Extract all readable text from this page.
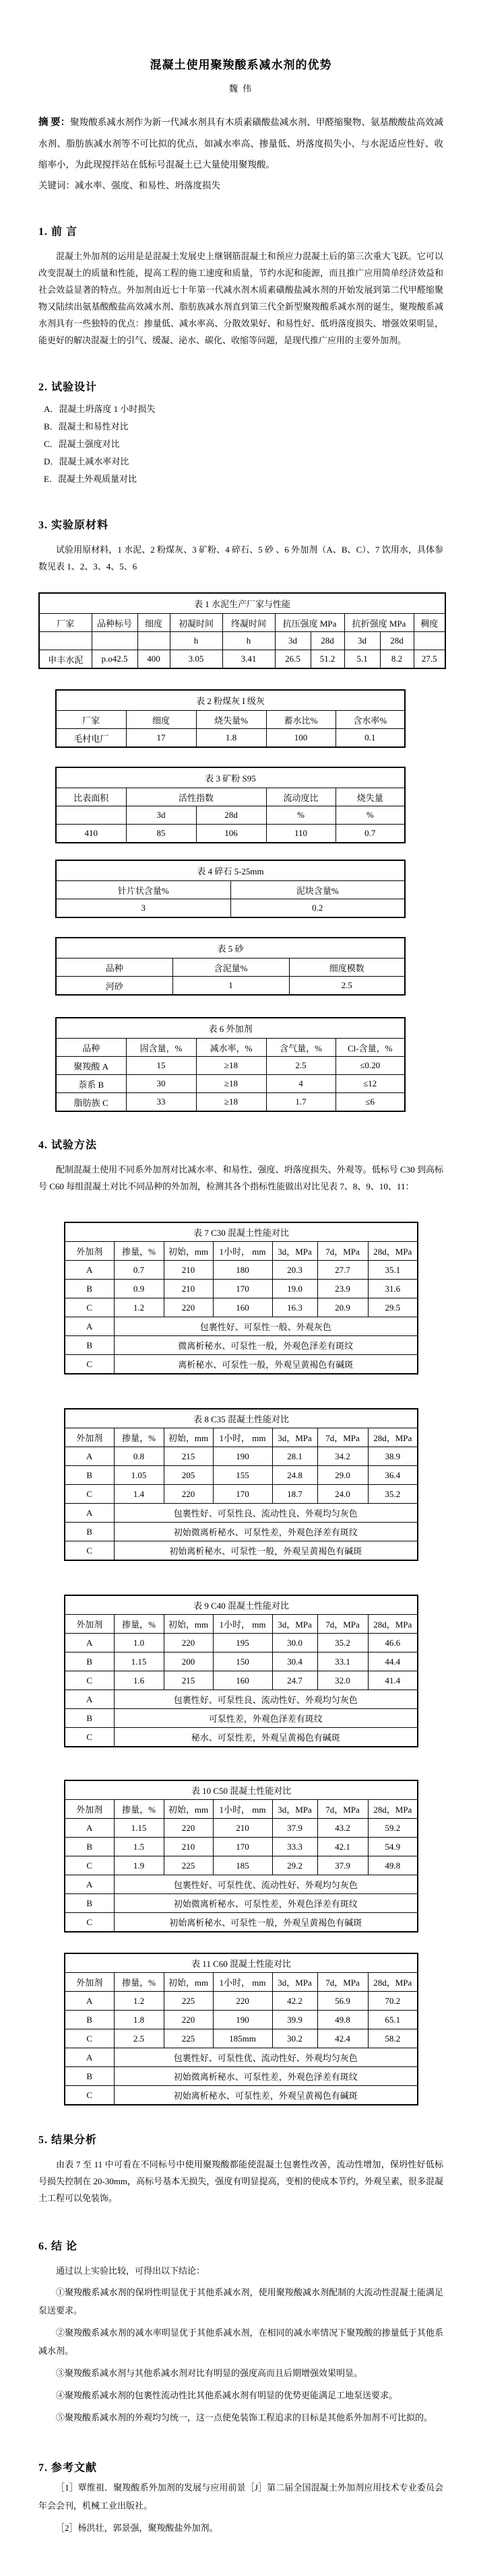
混凝土使用聚羧酸系减水剂的优势
魏 伟

摘 要：聚羧酸系减水剂作为新一代减水剂具有木质素磺酸盐减水剂、甲醛缩聚物、氨基酸酸盐高效减水剂、脂肪族减水剂等不可比拟的优点，如减水率高、掺量低、坍落度损失小、与水泥适应性好、收缩率小，为此现搅拌站在低标号混凝土已大量使用聚羧酸。

关键词：减水率、强度、和易性、坍落度损失

1. 前 言

混凝土外加剂的运用是是混凝土发展史上继钢筋混凝土和预应力混凝土后的第三次重大飞跃。它可以改变混凝土的质量和性能，提高工程的施工速度和质量，节约水泥和能源，而且推广应用简单经济效益和社会效益显著的特点。外加剂由近七十年第一代减水剂木质素磺酸盐减水剂的开始发展到第二代甲醛缩聚物又陆续出氨基酸酸盐高效减水剂、脂肪族减水剂直到第三代全新型聚羧酸系减水剂的诞生，聚羧酸系减水剂具有一些独特的优点：掺量低、减水率高、分散效果好、和易性好、低坍落度损失、增强效果明显，能更好的解决混凝土的引气、缓凝、泌水、碳化、收缩等问题，是现代推广应用的主要外加剂。

2. 试验设计
A．混凝土坍落度 1 小时损失
B．混凝土和易性对比
C．混凝土强度对比
D．混凝土减水率对比
E．混凝土外观质量对比
3. 实验原材料

试验用原材料，1 水泥、2 粉煤灰、3 矿粉、4 碎石、5 砂 、6 外加剂（A、B、C）、7 饮用水，具体参数见表 1、2、3、4、5、6

表 1 水泥生产厂家与性能									
厂家	品种标号	细度	初凝时间	终凝时间	抗压强度 MPa		抗折强度 MPa		稠度
			h	h	3d	28d	3d	28d	
申丰水泥	p.o42.5	400	3.05	3.41	26.5	51.2	5.1	8.2	27.5
表 2 粉煤灰 I 级灰				
厂家	细度	烧失量%	蓄水比%	含水率%
毛村电厂	17	1.8	100	0.1
表 3 矿粉 S95				
比表面积	活性指数		流动度比	烧失量
	3d	28d	%	%
410	85	106	110	0.7
表 4 碎石 5-25mm	
针片状含量%	泥块含量%
3	0.2
表 5 砂		
品种	含泥量%	细度模数
河砂	1	2.5
表 6 外加剂				
品种	固含量，%	减水率，%	含气量，%	Cl-含量，%
聚羧酸 A	15	≥18	2.5	≤0.20
萘系 B	30	≥18	4	≤12
脂肪族 C	33	≥18	1.7	≤6
4. 试验方法

配制混凝土使用不同系外加剂对比减水率、和易性、强度、坍落度损失、外观等。低标号 C30 到高标号 C60 每组混凝土对比不同品种的外加剂，检测其各个指标性能做出对比见表 7、8、9、10、11：

表 7 C30 混凝土性能对比						
外加剂	掺量，%	初始，mm	1小时， mm	3d，MPa	7d，MPa	28d，MPa
A	0.7	210	180	20.3	27.7	35.1
B	0.9	210	170	19.0	23.9	31.6
C	1.2	220	160	16.3	20.9	29.5
A	包裹性好、可泵性一般、外观灰色					
B	微离析秘水、可泵性一般，外观色泽差有斑纹					
C	离析秘水、可泵性一般，外观呈黄褐色有碱斑					
表 8 C35 混凝土性能对比						
外加剂	掺量，%	初始，mm	1小时， mm	3d，MPa	7d，MPa	28d，MPa
A	0.8	215	190	28.1	34.2	38.9
B	1.05	205	155	24.8	29.0	36.4
C	1.4	220	170	18.7	24.0	35.2
A	包裹性好、可泵性良、流动性良、外观均匀灰色					
B	初始微离析秘水、可泵性差，外观色泽差有斑纹					
C	初始离析秘水、可泵性一般，外观呈黄褐色有碱斑					
表 9 C40 混凝土性能对比						
外加剂	掺量，%	初始，mm	1小时， mm	3d，MPa	7d，MPa	28d，MPa
A	1.0	220	195	30.0	35.2	46.6
B	1.15	200	150	30.4	33.1	44.4
C	1.6	215	160	24.7	32.0	41.4
A	包裹性好、可泵性良、流动性好、外观均匀灰色					
B	可泵性差，外观色泽差有斑纹					
C	秘水、可泵性差，外观呈黄褐色有碱斑					
表 10 C50 混凝土性能对比						
外加剂	掺量，%	初始，mm	1小时， mm	3d，MPa	7d，MPa	28d，MPa
A	1.15	220	210	37.9	43.2	59.2
B	1.5	210	170	33.3	42.1	54.9
C	1.9	225	185	29.2	37.9	49.8
A	包裹性好、可泵性优、流动性好、外观均匀灰色					
B	初始微离析秘水、可泵性差，外观色泽差有斑纹					
C	初始离析秘水、可泵性一般，外观呈黄褐色有碱斑					
表 11 C60 混凝土性能对比						
外加剂	掺量，%	初始，mm	1小时， mm	3d，MPa	7d，MPa	28d，MPa
A	1.2	225	220	42.2	56.9	70.2
B	1.8	220	190	39.9	49.8	65.1
C	2.5	225	185mm	30.2	42.4	58.2
A	包裹性好、可泵性优、流动性好、外观均匀灰色					
B	初始微离析秘水、可泵性差，外观色泽差有斑纹					
C	初始离析秘水、可泵性差，外观呈黄褐色有碱斑					
5. 结果分析

由表 7 至 11 中可看在不同标号中使用聚羧酸都能使混凝土包裹性改善，流动性增加，保坍性好低标号损失控制在 20-30mm，高标号基本无损失，强度有明显提高，变相的使成本节约，外观呈素，很多混凝土工程可以免装饰。

6. 结 论

通过以上实验比较，可得出以下结论：

①聚羧酸系减水剂的保坍性明显优于其他系减水剂，使用聚羧酸减水剂配制的大流动性混凝土能满足泵送要求。

②聚羧酸系减水剂的减水率明显优于其他系减水剂，在相同的减水率情况下聚羧酸的掺量低于其他系减水剂。

③聚羧酸系减水剂与其他系减水剂对比有明显的强度高而且后期增强效果明显。

④聚羧酸系减水剂的包裹性流动性比其他系减水剂有明显的优势更能满足工地泵送要求。

⑤聚羧酸系减水剂的外观均匀统一，这一点使免装饰工程追求的目标是其他系外加剂不可比拟的。

7. 参考文献

［1］覃维祖．聚羧酸系外加剂的发展与应用前景［J］第二届全国混凝土外加剂应用技术专业委员会年会会刊，机械工业出版社。

［2］杨洪壮，郭景强，聚羧酸盐外加剂。
